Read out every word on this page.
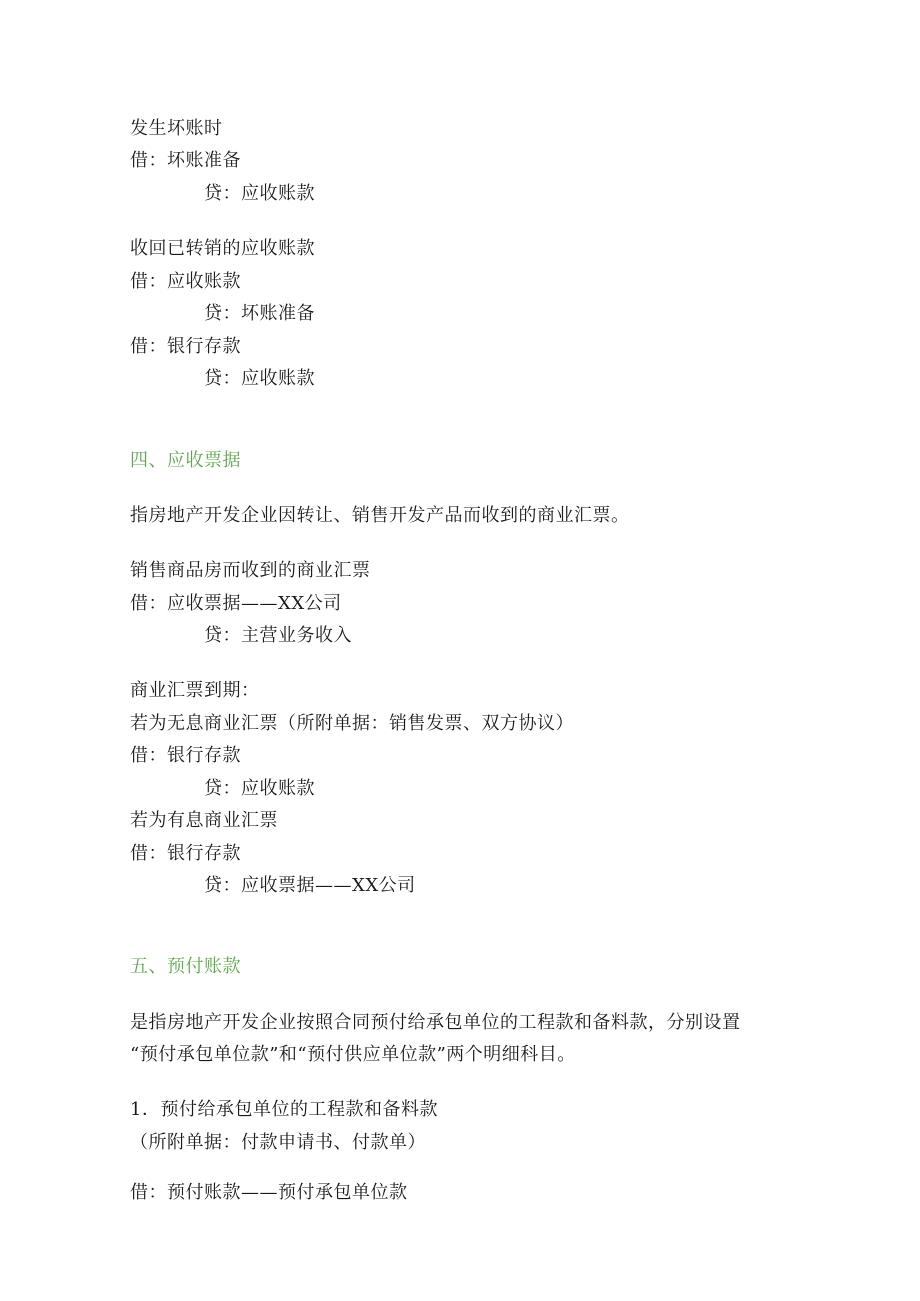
发生坏账时
借：坏账准备
贷：应收账款
收回已转销的应收账款
借：应收账款
贷：坏账准备
借：银行存款
贷：应收账款
四、应收票据
指房地产开发企业因转让、销售开发产品而收到的商业汇票。
销售商品房而收到的商业汇票
借：应收票据——XX公司
贷：主营业务收入
商业汇票到期：
若为无息商业汇票（所附单据：销售发票、双方协议）
借：银行存款
贷：应收账款
若为有息商业汇票
借：银行存款
贷：应收票据——XX公司
五、预付账款
是指房地产开发企业按照合同预付给承包单位的工程款和备料款，分别设置
“预付承包单位款”和“预付供应单位款”两个明细科目。
1．预付给承包单位的工程款和备料款
（所附单据：付款申请书、付款单）
借：预付账款——预付承包单位款
